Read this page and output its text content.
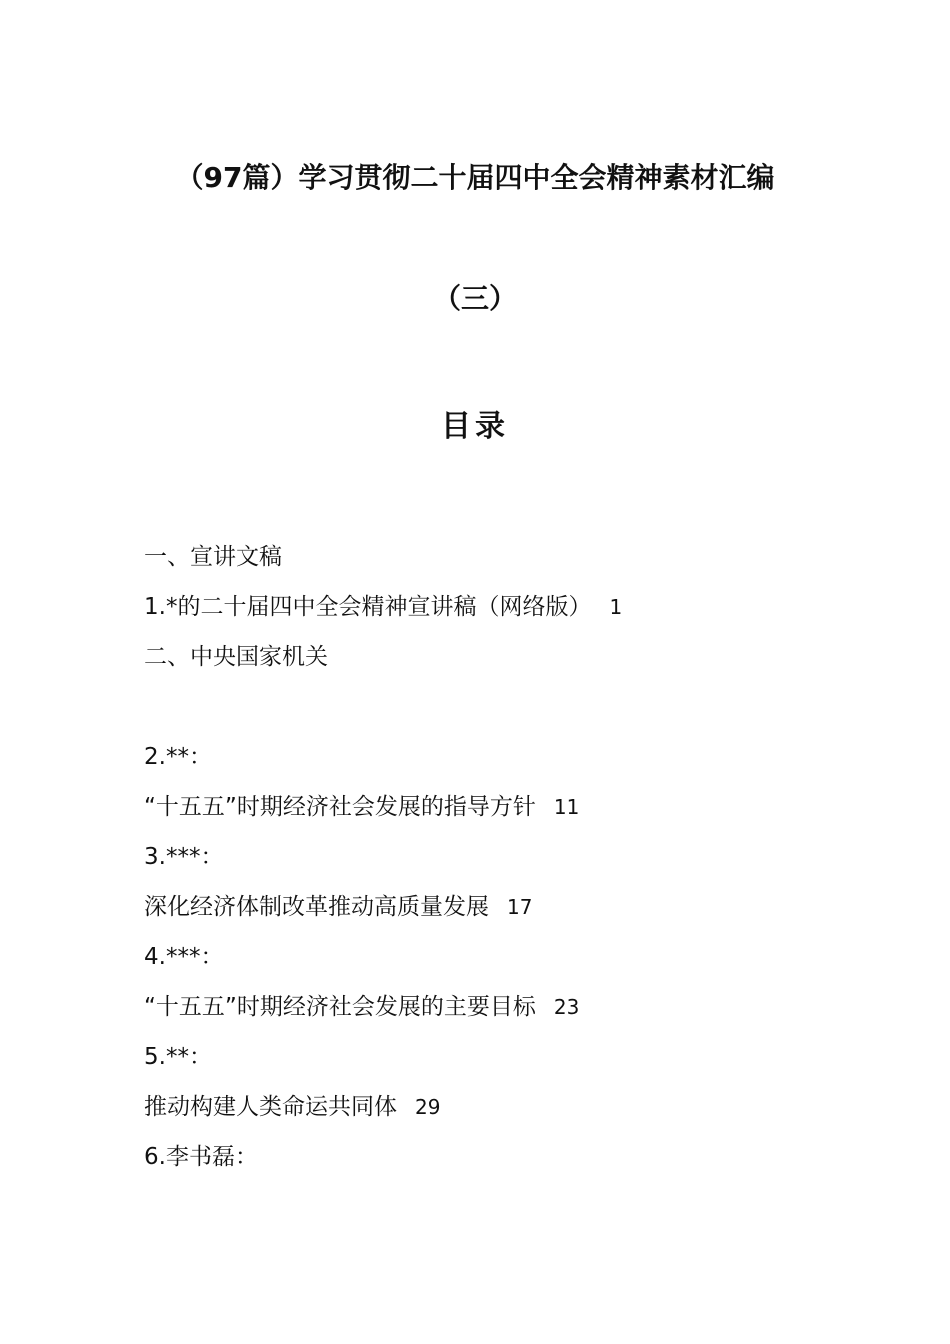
（97篇）学习贯彻二十届四中全会精神素材汇编
（三）
目录
一、宣讲文稿
1.*的二十届四中全会精神宣讲稿（网络版） 1
二、中央国家机关
2.**：
“十五五”时期经济社会发展的指导方针 11
3.***：
深化经济体制改革推动高质量发展 17
4.***：
“十五五”时期经济社会发展的主要目标 23
5.**：
推动构建人类命运共同体 29
6.李书磊：
